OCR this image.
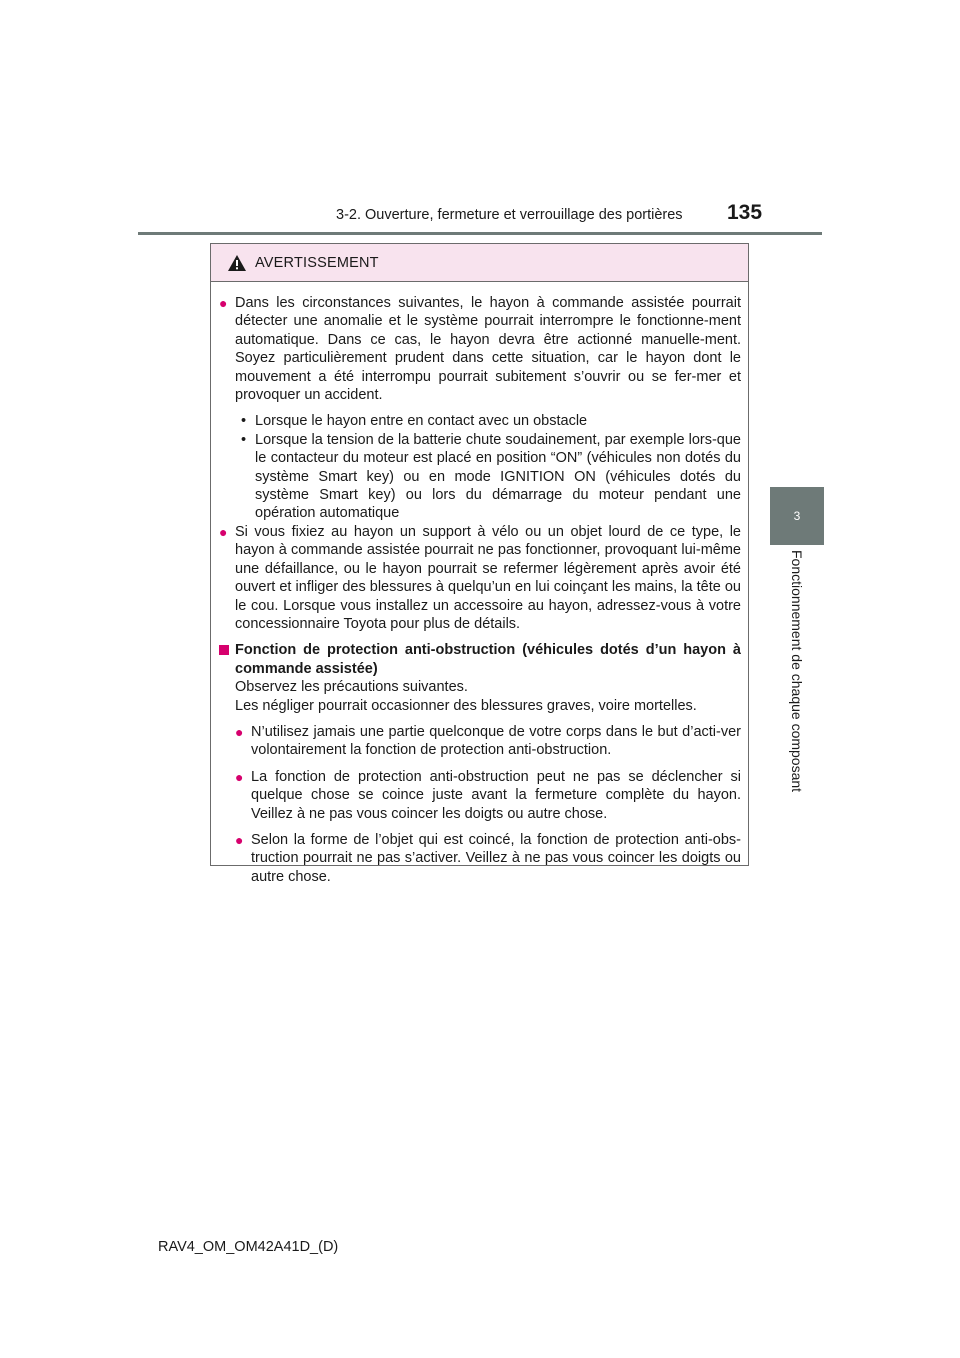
3-2. Ouverture, fermeture et verrouillage des portières 135
3
Fonctionnement de chaque composant
AVERTISSEMENT
● Dans les circonstances suivantes, le hayon à commande assistée pourrait détecter une anomalie et le système pourrait interrompre le fonctionne-ment automatique. Dans ce cas, le hayon devra être actionné manuelle-ment. Soyez particulièrement prudent dans cette situation, car le hayon dont le mouvement a été interrompu pourrait subitement s’ouvrir ou se fer-mer et provoquer un accident.
• Lorsque le hayon entre en contact avec un obstacle
• Lorsque la tension de la batterie chute soudainement, par exemple lors-que le contacteur du moteur est placé en position “ON” (véhicules non dotés du système Smart key) ou en mode IGNITION ON (véhicules dotés du système Smart key) ou lors du démarrage du moteur pendant une opération automatique
● Si vous fixiez au hayon un support à vélo ou un objet lourd de ce type, le hayon à commande assistée pourrait ne pas fonctionner, provoquant lui-même une défaillance, ou le hayon pourrait se refermer légèrement après avoir été ouvert et infliger des blessures à quelqu’un en lui coinçant les mains, la tête ou le cou. Lorsque vous installez un accessoire au hayon, adressez-vous à votre concessionnaire Toyota pour plus de détails.
Fonction de protection anti-obstruction (véhicules dotés d’un hayon à commande assistée)
Observez les précautions suivantes.
Les négliger pourrait occasionner des blessures graves, voire mortelles.
● N’utilisez jamais une partie quelconque de votre corps dans le but d’acti-ver volontairement la fonction de protection anti-obstruction.
● La fonction de protection anti-obstruction peut ne pas se déclencher si quelque chose se coince juste avant la fermeture complète du hayon. Veillez à ne pas vous coincer les doigts ou autre chose.
● Selon la forme de l’objet qui est coincé, la fonction de protection anti-obs-truction pourrait ne pas s’activer. Veillez à ne pas vous coincer les doigts ou autre chose.
RAV4_OM_OM42A41D_(D)
